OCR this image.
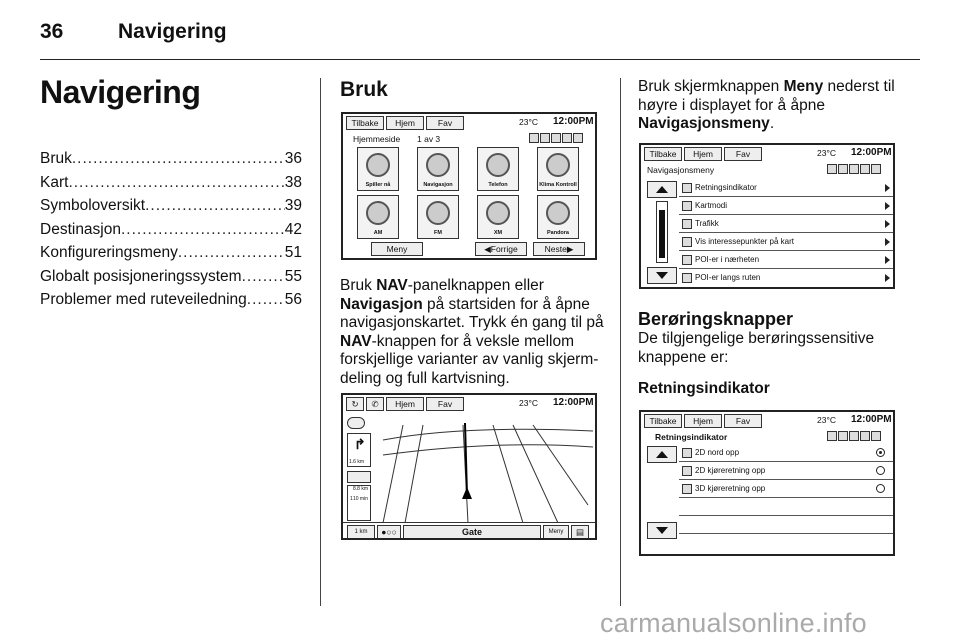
36	Navigering
Navigering
Bruk .....	36
Kart .....	38
Symboloversikt .....	39
Destinasjon .....	42
Konfigureringsmeny .....	51
Globalt posisjoneringssystem .....	55
Problemer med ruteveiledning ..... 56
Bruk
Tilbake	Hjem	Fav	23°C 12:00PM
Hjemmeside 1 av 3
Spiller nå	Navigasjon	Telefon	Klima Kontroll
AM	FM	XM	Pandora
Meny	◀Forrige	Neste▶
Bruk NAV-panelknappen eller
Navigasjon på startsiden for å åpne navigasjonskartet. Trykk én gang til på NAV-knappen for å veksle mellom forskjellige varianter av vanlig skjermdeling og full kartvisning.
↻	✆	Hjem	Fav	23°C 12:00PM
↱
1.6 km
8.8 km
1 10 min
1 km	●○○	Gate	Meny	▤
Bruk skjermknappen Meny nederst til høyre i displayet for å åpne
Navigasjonsmeny.
Tilbake	Hjem	Fav	23°C 12:00PM
Navigasjonsmeny
Retningsindikator
Kartmodi
Trafikk
Vis interessepunkter på kart
POI-er i nærheten
POI-er langs ruten
Berøringsknapper
De tilgjengelige berøringssensitive knappene er:
Retningsindikator
Tilbake	Hjem	Fav	23°C 12:00PM
Retningsindikator
2D nord opp
2D kjøreretning opp
3D kjøreretning opp
carmanualsonline.info
